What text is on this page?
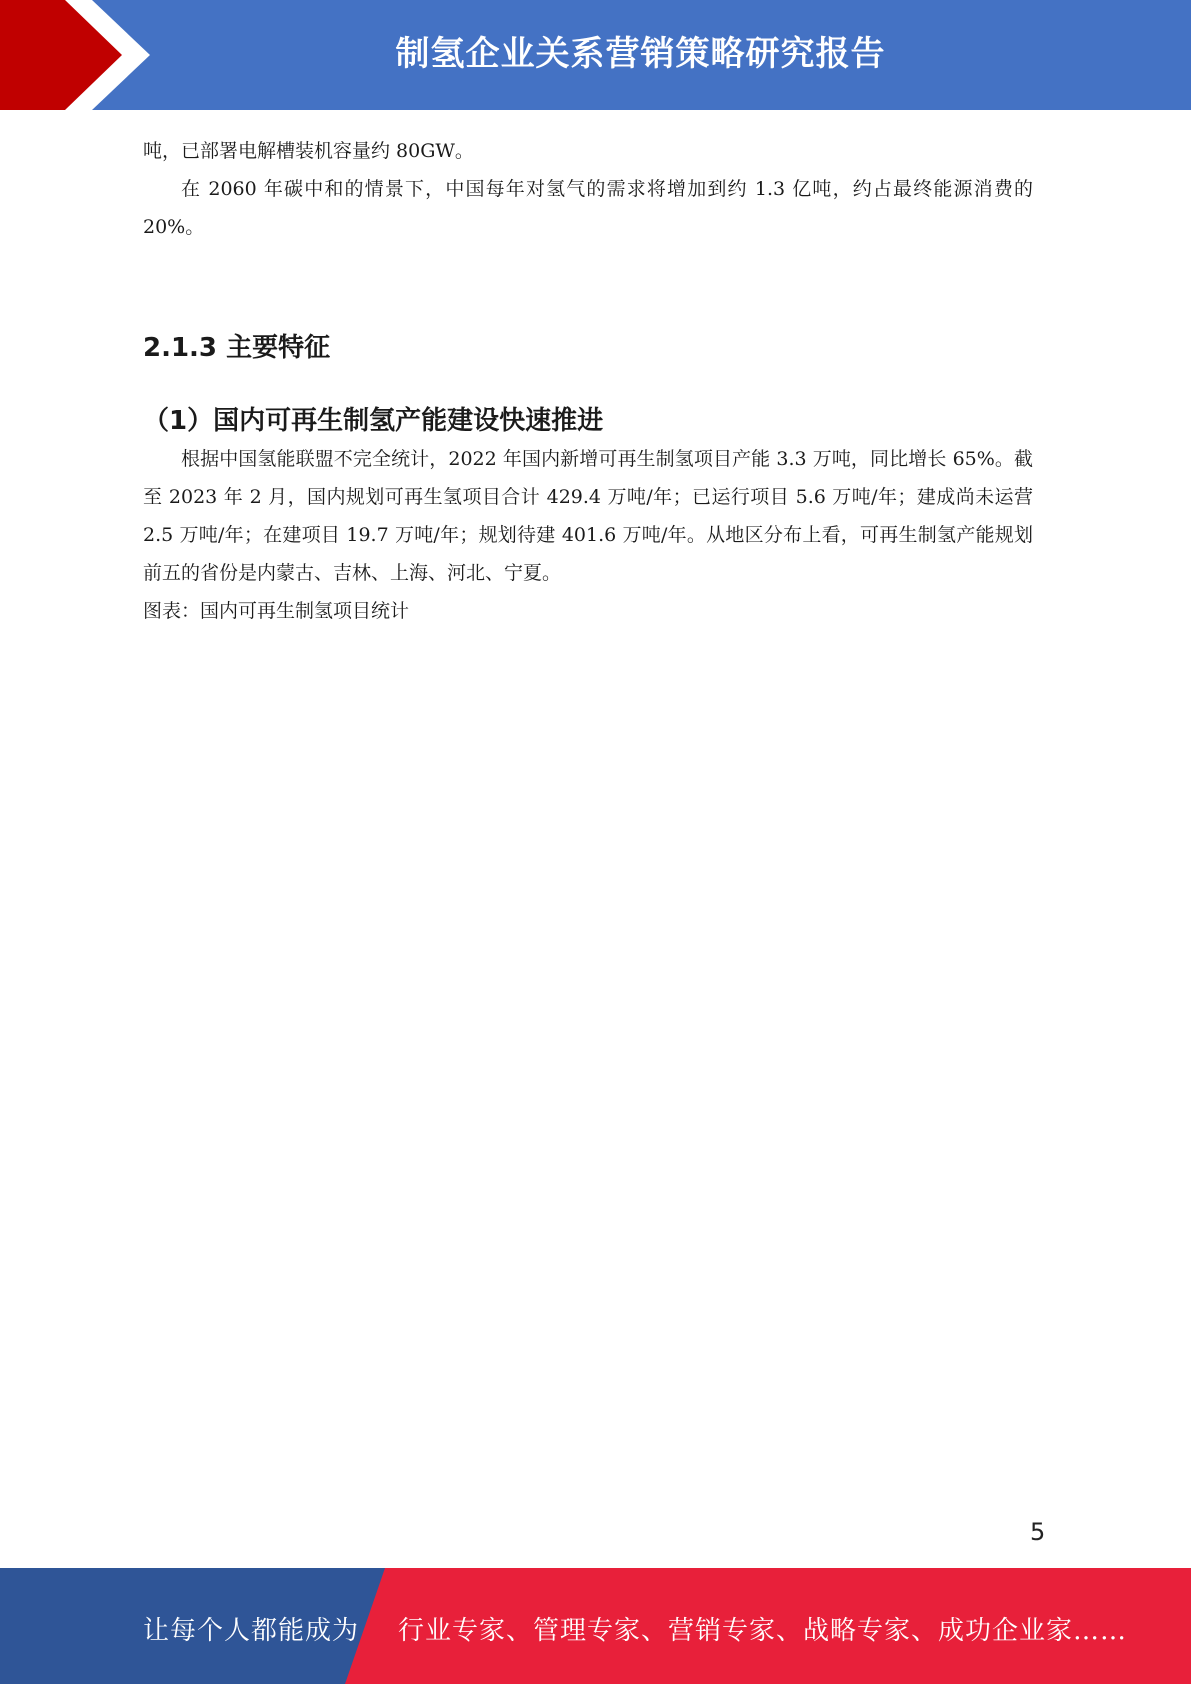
制氢企业关系营销策略研究报告

吨，已部署电解槽装机容量约 80GW。

在 2060 年碳中和的情景下，中国每年对氢气的需求将增加到约 1.3 亿吨，约占最终能源消费的 20%。

2.1.3 主要特征
（1）国内可再生制氢产能建设快速推进

根据中国氢能联盟不完全统计，2022 年国内新增可再生制氢项目产能 3.3 万吨，同比增长 65%。截至 2023 年 2 月，国内规划可再生氢项目合计 429.4 万吨/年；已运行项目 5.6 万吨/年；建成尚未运营 2.5 万吨/年；在建项目 19.7 万吨/年；规划待建 401.6 万吨/年。从地区分布上看，可再生制氢产能规划前五的省份是内蒙古、吉林、上海、河北、宁夏。

图表：国内可再生制氢项目统计

5
让每个人都能成为 行业专家、管理专家、营销专家、战略专家、成功企业家……
